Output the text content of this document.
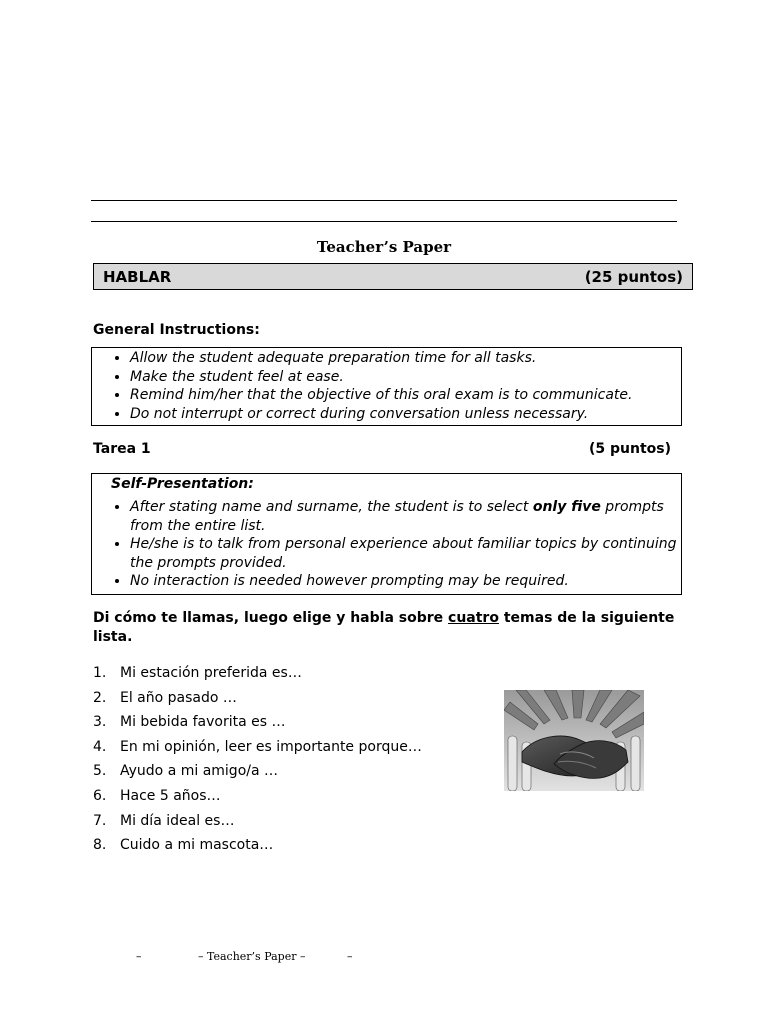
Teacher’s Paper
HABLAR	(25 puntos)
General Instructions:
• Allow the student adequate preparation time for all tasks.
• Make the student feel at ease.
• Remind him/her that the objective of this oral exam is to communicate.
• Do not interrupt or correct during conversation unless necessary.
Tarea 1	(5 puntos)
Self-Presentation:
• After stating name and surname, the student is to select only five prompts from the entire list.
• He/she is to talk from personal experience about familiar topics by continuing the prompts provided.
• No interaction is needed however prompting may be required.
Di cómo te llamas, luego elige y habla sobre cuatro temas de la siguiente lista.
1. Mi estación preferida es…
2. El año pasado …
3. Mi bebida favorita es …
4. En mi opinión, leer es importante porque…
5. Ayudo a mi amigo/a …
6. Hace 5 años…
7. Mi día ideal es…
8. Cuido a mi mascota…
–	– Teacher’s Paper –	–
